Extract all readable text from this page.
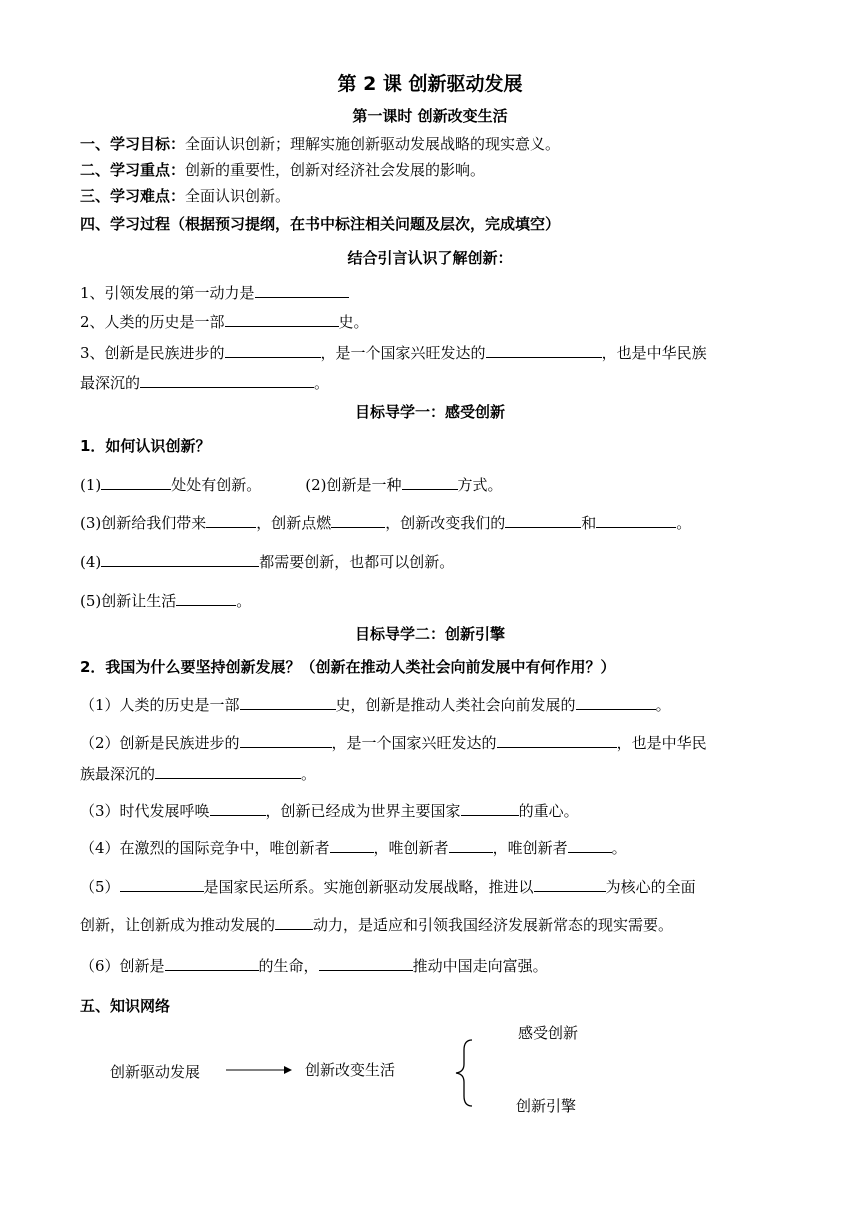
第 2 课 创新驱动发展
第一课时 创新改变生活
一、学习目标：全面认识创新；理解实施创新驱动发展战略的现实意义。
二、学习重点：创新的重要性，创新对经济社会发展的影响。
三、学习难点：全面认识创新。
四、学习过程（根据预习提纲，在书中标注相关问题及层次，完成填空）
结合引言认识了解创新：
1、引领发展的第一动力是
2、人类的历史是一部	史。
3、创新是民族进步的	，是一个国家兴旺发达的	，也是中华民族
最深沉的	。
目标导学一：感受创新
1．如何认识创新？
(1)	处处有创新。	(2)创新是一种	方式。
(3)创新给我们带来	，创新点燃	，创新改变我们的	和	。
(4)	都需要创新，也都可以创新。
(5)创新让生活	。
目标导学二：创新引擎
2．我国为什么要坚持创新发展？（创新在推动人类社会向前发展中有何作用？）
（1）人类的历史是一部	史，创新是推动人类社会向前发展的	。
（2）创新是民族进步的	，是一个国家兴旺发达的	，也是中华民
族最深沉的	。
（3）时代发展呼唤	，创新已经成为世界主要国家	的重心。
（4）在激烈的国际竞争中，唯创新者	，唯创新者	，唯创新者	。
（5）	是国家民运所系。实施创新驱动发展战略，推进以	为核心的全面
创新，让创新成为推动发展的	动力，是适应和引领我国经济发展新常态的现实需要。
（6）创新是	的生命，	推动中国走向富强。
五、知识网络
创新驱动发展	创新改变生活
感受创新
创新引擎
